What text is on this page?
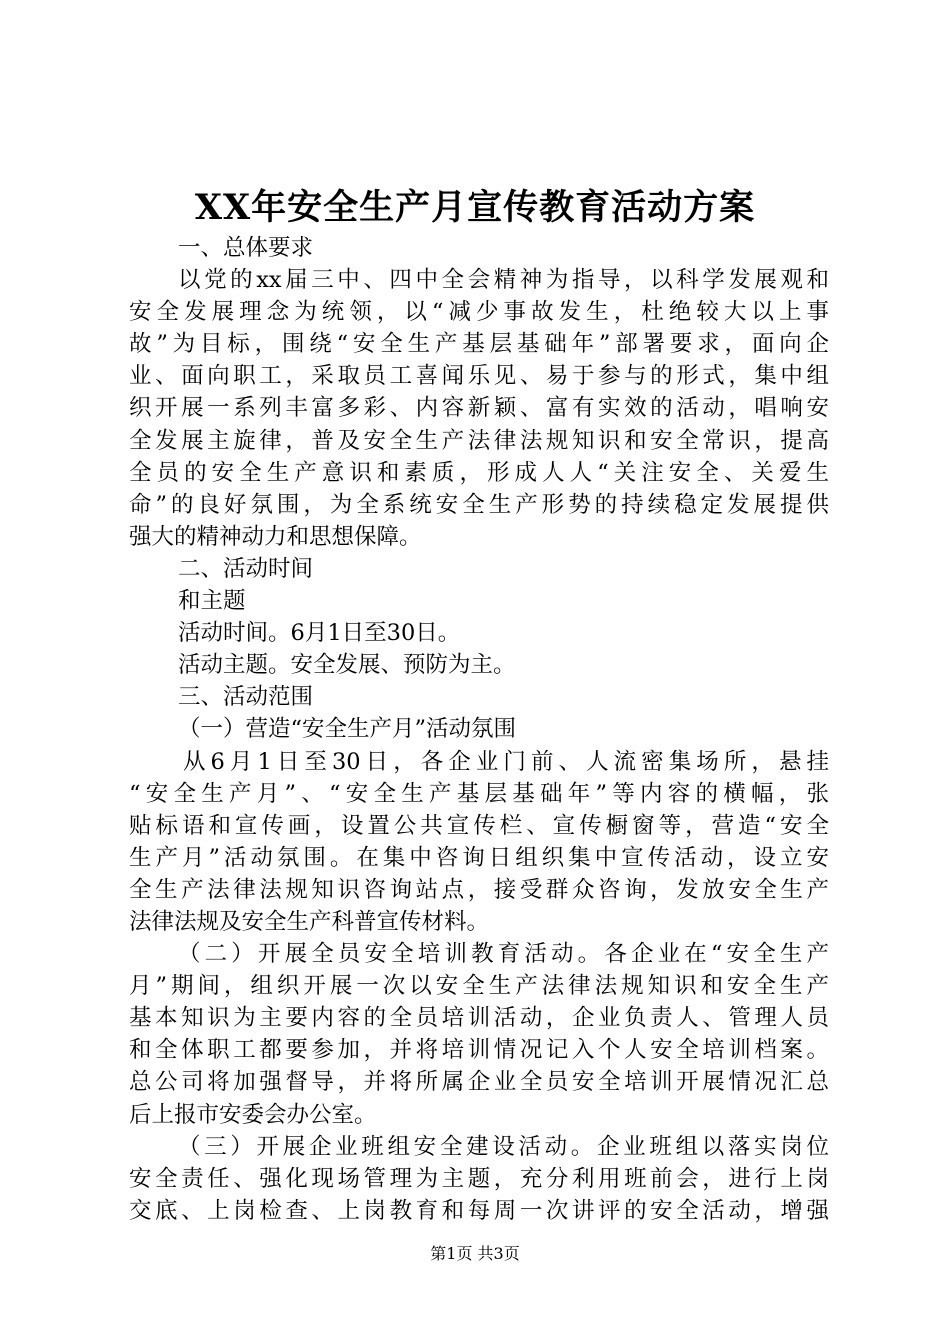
XX年安全生产月宣传教育活动方案
一、总体要求
以党的xx届三中、四中全会精神为指导，以科学发展观和
安全发展理念为统领，以“减少事故发生，杜绝较大以上事
故”为目标，围绕“安全生产基层基础年”部署要求，面向企
业、面向职工，采取员工喜闻乐见、易于参与的形式，集中组
织开展一系列丰富多彩、内容新颖、富有实效的活动，唱响安
全发展主旋律，普及安全生产法律法规知识和安全常识，提高
全员的安全生产意识和素质，形成人人“关注安全、关爱生
命”的良好氛围，为全系统安全生产形势的持续稳定发展提供
强大的精神动力和思想保障。
二、活动时间
和主题
活动时间。6月1日至30日。
活动主题。安全发展、预防为主。
三、活动范围
（一）营造“安全生产月”活动氛围
从6月1日至30日，各企业门前、人流密集场所，悬挂
“安全生产月”、“安全生产基层基础年”等内容的横幅，张
贴标语和宣传画，设置公共宣传栏、宣传橱窗等，营造“安全
生产月”活动氛围。在集中咨询日组织集中宣传活动，设立安
全生产法律法规知识咨询站点，接受群众咨询，发放安全生产
法律法规及安全生产科普宣传材料。
（二）开展全员安全培训教育活动。各企业在“安全生产
月”期间，组织开展一次以安全生产法律法规知识和安全生产
基本知识为主要内容的全员培训活动，企业负责人、管理人员
和全体职工都要参加，并将培训情况记入个人安全培训档案。
总公司将加强督导，并将所属企业全员安全培训开展情况汇总
后上报市安委会办公室。
（三）开展企业班组安全建设活动。企业班组以落实岗位
安全责任、强化现场管理为主题，充分利用班前会，进行上岗
交底、上岗检查、上岗教育和每周一次讲评的安全活动，增强
第1页 共3页
